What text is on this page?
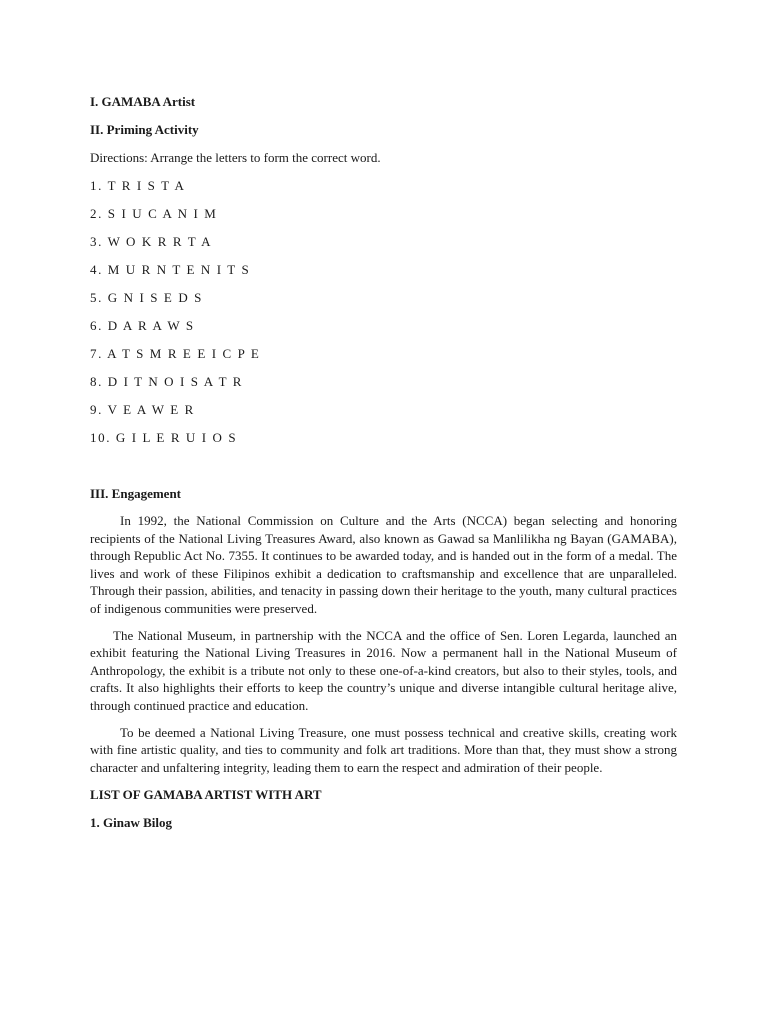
I. GAMABA Artist

II. Priming Activity

Directions: Arrange the letters to form the correct word.

1. T R I S T A

2. S I U C A N I M

3. W O K R R T A

4. M U R N T E N I T S

5. G N I S E D S

6. D A R A W S

7. A T S M R E E I C P E

8. D I T N O I S A T R

9. V E A W E R

10. G I L E R U I O S

III. Engagement

In 1992, the National Commission on Culture and the Arts (NCCA) began selecting and honoring recipients of the National Living Treasures Award, also known as Gawad sa Manlilikha ng Bayan (GAMABA), through Republic Act No. 7355. It continues to be awarded today, and is handed out in the form of a medal. The lives and work of these Filipinos exhibit a dedication to craftsmanship and excellence that are unparalleled. Through their passion, abilities, and tenacity in passing down their heritage to the youth, many cultural practices of indigenous communities were preserved.

The National Museum, in partnership with the NCCA and the office of Sen. Loren Legarda, launched an exhibit featuring the National Living Treasures in 2016. Now a permanent hall in the National Museum of Anthropology, the exhibit is a tribute not only to these one-of-a-kind creators, but also to their styles, tools, and crafts. It also highlights their efforts to keep the country’s unique and diverse intangible cultural heritage alive, through continued practice and education.

To be deemed a National Living Treasure, one must possess technical and creative skills, creating work with fine artistic quality, and ties to community and folk art traditions. More than that, they must show a strong character and unfaltering integrity, leading them to earn the respect and admiration of their people.

LIST OF GAMABA ARTIST WITH ART

1. Ginaw Bilog
